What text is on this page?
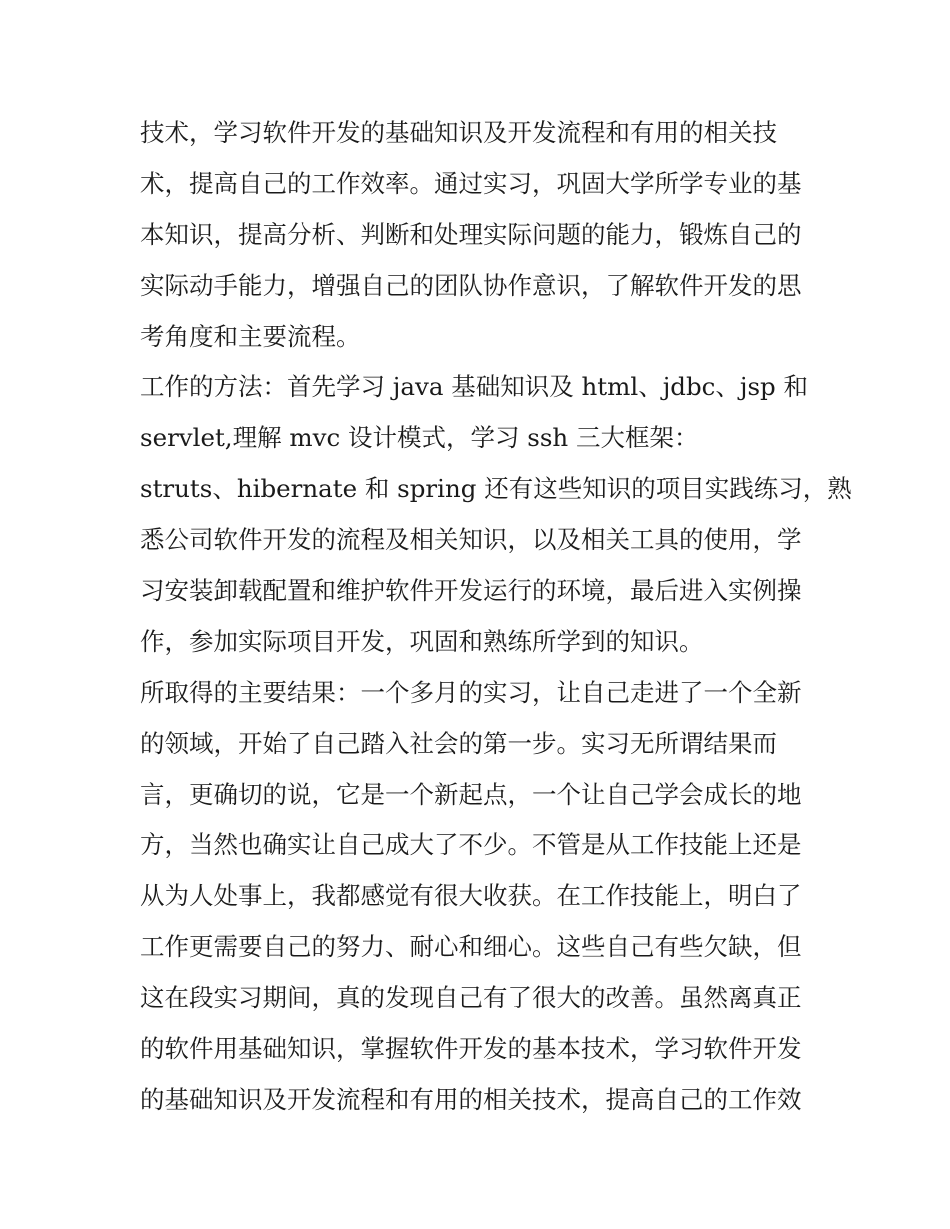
技术，学习软件开发的基础知识及开发流程和有用的相关技
术，提高自己的工作效率。通过实习，巩固大学所学专业的基
本知识，提高分析、判断和处理实际问题的能力，锻炼自己的
实际动手能力，增强自己的团队协作意识，了解软件开发的思
考角度和主要流程。
工作的方法：首先学习 java 基础知识及 html、jdbc、jsp 和
servlet,理解 mvc 设计模式，学习 ssh 三大框架：
struts、hibernate 和 spring 还有这些知识的项目实践练习，熟
悉公司软件开发的流程及相关知识，以及相关工具的使用，学
习安装卸载配置和维护软件开发运行的环境，最后进入实例操
作，参加实际项目开发，巩固和熟练所学到的知识。
所取得的主要结果：一个多月的实习，让自己走进了一个全新
的领域，开始了自己踏入社会的第一步。实习无所谓结果而
言，更确切的说，它是一个新起点，一个让自己学会成长的地
方，当然也确实让自己成大了不少。不管是从工作技能上还是
从为人处事上，我都感觉有很大收获。在工作技能上，明白了
工作更需要自己的努力、耐心和细心。这些自己有些欠缺，但
这在段实习期间，真的发现自己有了很大的改善。虽然离真正
的软件用基础知识，掌握软件开发的基本技术，学习软件开发
的基础知识及开发流程和有用的相关技术，提高自己的工作效
